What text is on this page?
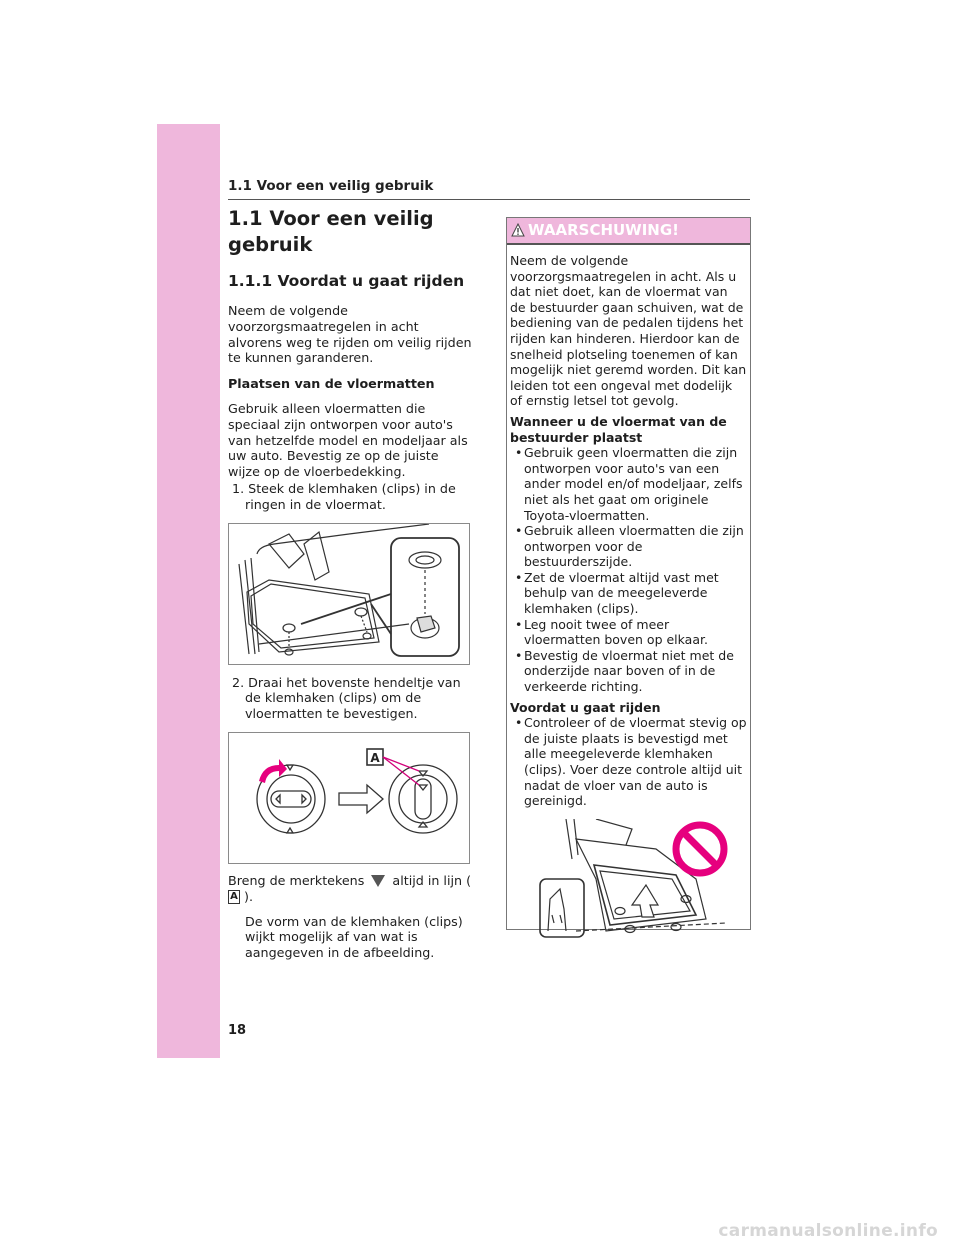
1.1 Voor een veilig gebruik
1.1 Voor een veilig gebruik
1.1.1 Voordat u gaat rijden

Neem de volgende voorzorgsmaatregelen in acht alvorens weg te rijden om veilig rijden te kunnen garanderen.

Plaatsen van de vloermatten

Gebruik alleen vloermatten die speciaal zijn ontworpen voor auto's van hetzelfde model en modeljaar als uw auto. Bevestig ze op de juiste wijze op de vloerbedekking.

1. Steek de klemhaken (clips) in de ringen in de vloermat.

2. Draai het bovenste hendeltje van de klemhaken (clips) om de vloermatten te bevestigen.

A

Breng de merktekens altijd in lijn (
A ).

De vorm van de klemhaken (clips) wijkt mogelijk af van wat is aangegeven in de afbeelding.

WAARSCHUWING!

Neem de volgende voorzorgsmaatregelen in acht. Als u dat niet doet, kan de vloermat van de bestuurder gaan schuiven, wat de bediening van de pedalen tijdens het rijden kan hinderen. Hierdoor kan de snelheid plotseling toenemen of kan mogelijk niet geremd worden. Dit kan leiden tot een ongeval met dodelijk of ernstig letsel tot gevolg.

Wanneer u de vloermat van de bestuurder plaatst

• Gebruik geen vloermatten die zijn ontworpen voor auto's van een ander model en/of modeljaar, zelfs niet als het gaat om originele Toyota-vloermatten.

• Gebruik alleen vloermatten die zijn ontworpen voor de bestuurderszijde.

• Zet de vloermat altijd vast met behulp van de meegeleverde klemhaken (clips).

• Leg nooit twee of meer vloermatten boven op elkaar.

• Bevestig de vloermat niet met de onderzijde naar boven of in de verkeerde richting.

Voordat u gaat rijden

• Controleer of de vloermat stevig op de juiste plaats is bevestigd met alle meegeleverde klemhaken (clips). Voer deze controle altijd uit nadat de vloer van de auto is gereinigd.

18
carmanualsonline.info
